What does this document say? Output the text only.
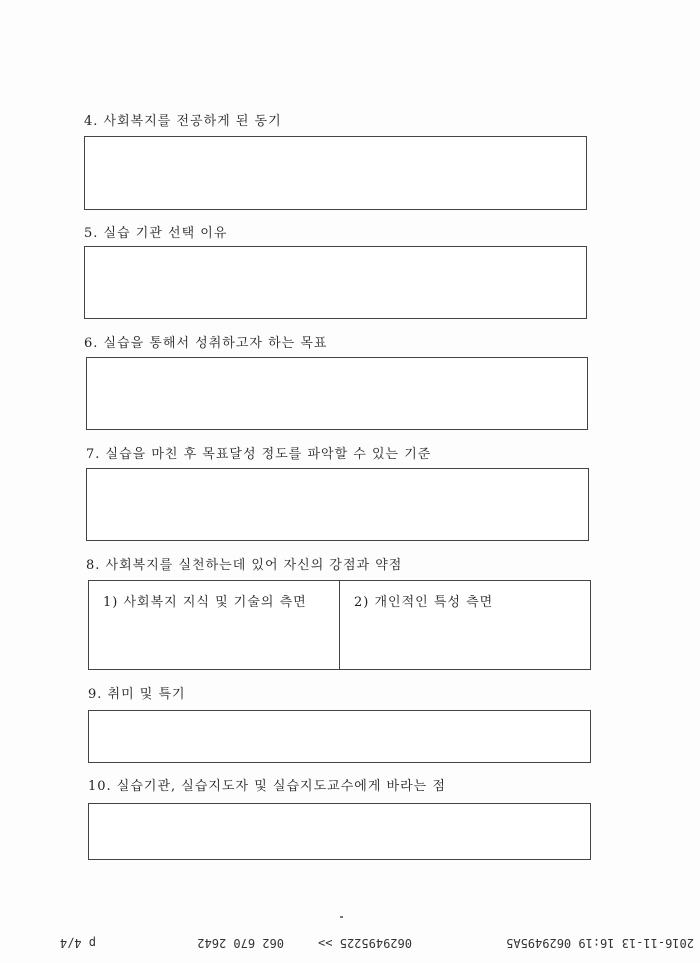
4. 사회복지를 전공하게 된 동기
5. 실습 기관 선택 이유
6. 실습을 통해서 성취하고자 하는 목표
7. 실습을 마친 후 목표달성 정도를 파악할 수 있는 기준
8. 사회복지를 실천하는데 있어 자신의 강점과 약점
1) 사회복지 지식 및 기술의 측면	2) 개인적인 특성 측면
9. 취미 및 특기
10. 실습기관, 실습지도자 및 실습지도교수에게 바라는 점
2016-11-13 16:19 0629495A5
0629495225 >>
062 670 2642
p 4/4
